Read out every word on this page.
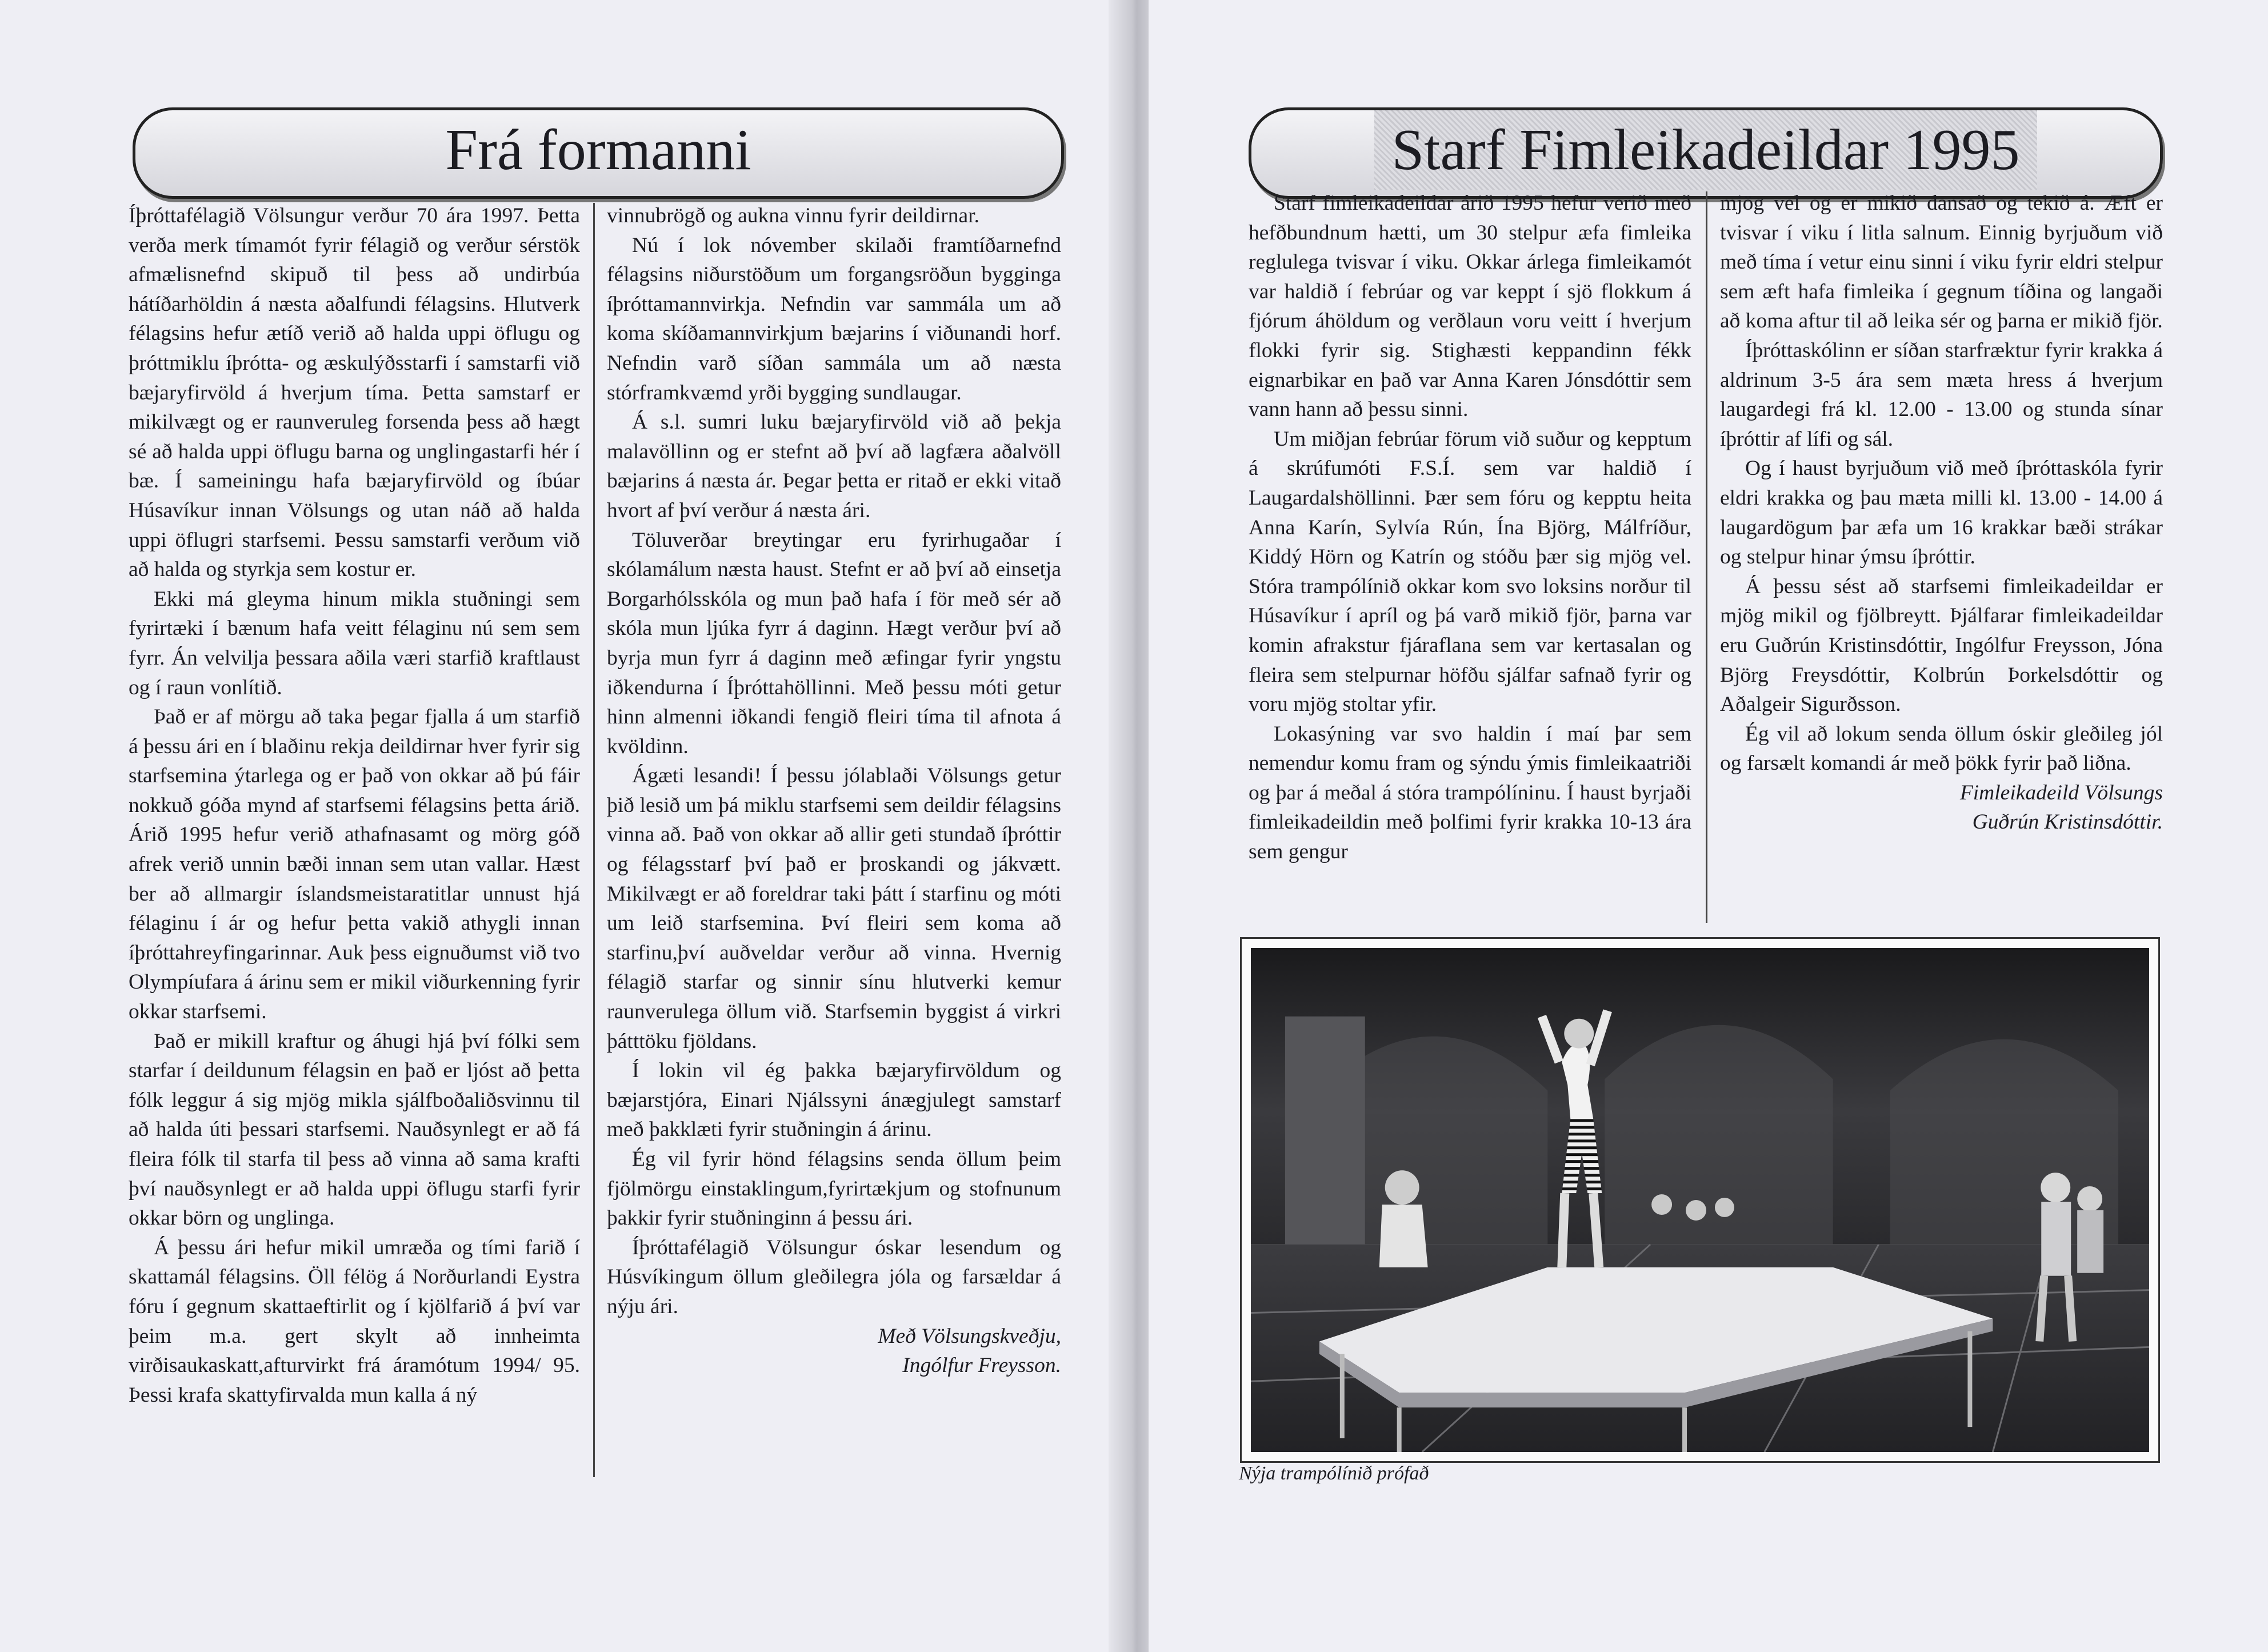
Frá formanni

Íþróttafélagið Völsungur verður 70 ára 1997. Þetta verða merk tímamót fyrir félagið og verður sérstök afmælisnefnd skipuð til þess að undirbúa hátíðarhöldin á næsta aðalfundi félagsins. Hlutverk félagsins hefur ætíð verið að halda uppi öflugu og þróttmiklu íþrótta- og æskulýðsstarfi í samstarfi við bæjaryfirvöld á hverjum tíma. Þetta samstarf er mikilvægt og er raunveruleg forsenda þess að hægt sé að halda uppi öflugu barna og unglingastarfi hér í bæ. Í sameiningu hafa bæjaryfirvöld og íbúar Húsavíkur innan Völsungs og utan náð að halda uppi öflugri starfsemi. Þessu samstarfi verðum við að halda og styrkja sem kostur er.

Ekki má gleyma hinum mikla stuðningi sem fyrirtæki í bænum hafa veitt félaginu nú sem sem fyrr. Án velvilja þessara aðila væri starfið kraftlaust og í raun vonlítið.

Það er af mörgu að taka þegar fjalla á um starfið á þessu ári en í blaðinu rekja deildirnar hver fyrir sig starfsemina ýtarlega og er það von okkar að þú fáir nokkuð góða mynd af starfsemi félagsins þetta árið. Árið 1995 hefur verið athafnasamt og mörg góð afrek verið unnin bæði innan sem utan vallar. Hæst ber að allmargir íslandsmeistaratitlar unnust hjá félaginu í ár og hefur þetta vakið athygli innan íþróttahreyfingarinnar. Auk þess eignuðumst við tvo Olympíufara á árinu sem er mikil viðurkenning fyrir okkar starfsemi.

Það er mikill kraftur og áhugi hjá því fólki sem starfar í deildunum félagsin en það er ljóst að þetta fólk leggur á sig mjög mikla sjálfboðaliðsvinnu til að halda úti þessari starfsemi. Nauðsynlegt er að fá fleira fólk til starfa til þess að vinna að sama krafti því nauðsynlegt er að halda uppi öflugu starfi fyrir okkar börn og unglinga.

Á þessu ári hefur mikil umræða og tími farið í skattamál félagsins. Öll félög á Norðurlandi Eystra fóru í gegnum skattaeftirlit og í kjölfarið á því var þeim m.a. gert skylt að innheimta virðisaukaskatt,afturvirkt frá áramótum 1994/ 95. Þessi krafa skattyfirvalda mun kalla á ný

vinnubrögð og aukna vinnu fyrir deildirnar.

Nú í lok nóvember skilaði framtíðarnefnd félagsins niðurstöðum um forgangsröðun bygginga íþróttamannvirkja. Nefndin var sammála um að koma skíðamannvirkjum bæjarins í viðunandi horf. Nefndin varð síðan sammála um að næsta stórframkvæmd yrði bygging sundlaugar.

Á s.l. sumri luku bæjaryfirvöld við að þekja malavöllinn og er stefnt að því að lagfæra aðalvöll bæjarins á næsta ár. Þegar þetta er ritað er ekki vitað hvort af því verður á næsta ári.

Töluverðar breytingar eru fyrirhugaðar í skólamálum næsta haust. Stefnt er að því að einsetja Borgarhólsskóla og mun það hafa í för með sér að skóla mun ljúka fyrr á daginn. Hægt verður því að byrja mun fyrr á daginn með æfingar fyrir yngstu iðkendurna í Íþróttahöllinni. Með þessu móti getur hinn almenni iðkandi fengið fleiri tíma til afnota á kvöldinn.

Ágæti lesandi! Í þessu jólablaði Völsungs getur þið lesið um þá miklu starfsemi sem deildir félagsins vinna að. Það von okkar að allir geti stundað íþróttir og félagsstarf því það er þroskandi og jákvætt. Mikilvægt er að foreldrar taki þátt í starfinu og móti um leið starfsemina. Því fleiri sem koma að starfinu,því auðveldar verður að vinna. Hvernig félagið starfar og sinnir sínu hlutverki kemur raunverulega öllum við. Starfsemin byggist á virkri þátttöku fjöldans.

Í lokin vil ég þakka bæjaryfirvöldum og bæjarstjóra, Einari Njálssyni ánægjulegt samstarf með þakklæti fyrir stuðningin á árinu.

Ég vil fyrir hönd félagsins senda öllum þeim fjölmörgu einstaklingum,fyrirtækjum og stofnunum þakkir fyrir stuðninginn á þessu ári.

Íþróttafélagið Völsungur óskar lesendum og Húsvíkingum öllum gleðilegra jóla og farsældar á nýju ári.

Með Völsungskveðju,

Ingólfur Freysson.

Starf Fimleikadeildar 1995

Starf fimleikadeildar árið 1995 hefur verið með hefðbundnum hætti, um 30 stelpur æfa fimleika reglulega tvisvar í viku. Okkar árlega fimleikamót var haldið í febrúar og var keppt í sjö flokkum á fjórum áhöldum og verðlaun voru veitt í hverjum flokki fyrir sig. Stighæsti keppandinn fékk eignarbikar en það var Anna Karen Jónsdóttir sem vann hann að þessu sinni.

Um miðjan febrúar förum við suður og kepptum á skrúfumóti F.S.Í. sem var haldið í Laugardalshöllinni. Þær sem fóru og kepptu heita Anna Karín, Sylvía Rún, Ína Björg, Málfríður, Kiddý Hörn og Katrín og stóðu þær sig mjög vel. Stóra trampólínið okkar kom svo loksins norður til Húsavíkur í apríl og þá varð mikið fjör, þarna var komin afrakstur fjáraflana sem var kertasalan og fleira sem stelpurnar höfðu sjálfar safnað fyrir og voru mjög stoltar yfir.

Lokasýning var svo haldin í maí þar sem nemendur komu fram og sýndu ýmis fimleikaatriði og þar á meðal á stóra trampólíninu. Í haust byrjaði fimleikadeildin með þolfimi fyrir krakka 10-13 ára sem gengur

mjög vel og er mikið dansað og tekið á. Æft er tvisvar í viku í litla salnum. Einnig byrjuðum við með tíma í vetur einu sinni í viku fyrir eldri stelpur sem æft hafa fimleika í gegnum tíðina og langaði að koma aftur til að leika sér og þarna er mikið fjör.

Íþróttaskólinn er síðan starfræktur fyrir krakka á aldrinum 3-5 ára sem mæta hress á hverjum laugardegi frá kl. 12.00 - 13.00 og stunda sínar íþróttir af lífi og sál.

Og í haust byrjuðum við með íþróttaskóla fyrir eldri krakka og þau mæta milli kl. 13.00 - 14.00 á laugardögum þar æfa um 16 krakkar bæði strákar og stelpur hinar ýmsu íþróttir.

Á þessu sést að starfsemi fimleikadeildar er mjög mikil og fjölbreytt. Þjálfarar fimleikadeildar eru Guðrún Kristinsdóttir, Ingólfur Freysson, Jóna Björg Freysdóttir, Kolbrún Þorkelsdóttir og Aðalgeir Sigurðsson.

Ég vil að lokum senda öllum óskir gleðileg jól og farsælt komandi ár með þökk fyrir það liðna.

Fimleikadeild Völsungs

Guðrún Kristinsdóttir.

Nýja trampólínið prófað
